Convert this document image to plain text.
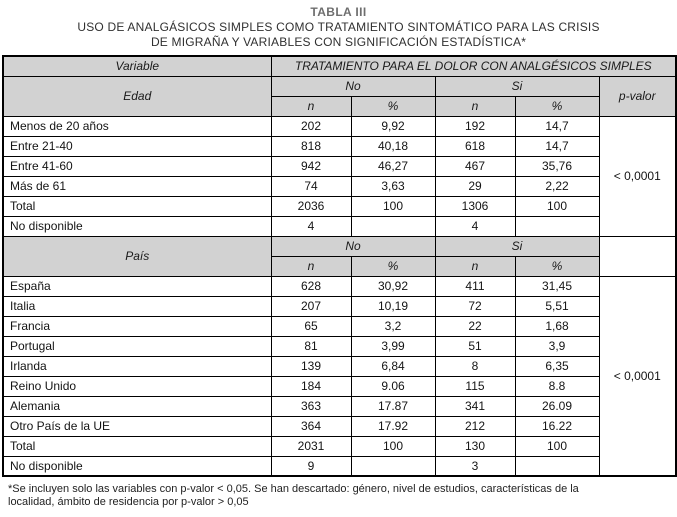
TABLA III
USO DE ANALGÁSICOS SIMPLES COMO TRATAMIENTO SINTOMÁTICO PARA LAS CRISIS
DE MIGRAÑA Y VARIABLES CON SIGNIFICACIÓN ESTADÍSTICA*
Variable	TRATAMIENTO PARA EL DOLOR CON ANALGÉSICOS SIMPLES				
Edad	No		Si		p-valor
	n	%	n	%	
Menos de 20 años	202	9,92	192	14,7	< 0,0001
Entre 21-40	818	40,18	618	14,7	
Entre 41-60	942	46,27	467	35,76	
Más de 61	74	3,63	29	2,22	
Total	2036	100	1306	100	
No disponible	4		4		
País	No		Si		
	n	%	n	%	
España	628	30,92	411	31,45	< 0,0001
Italia	207	10,19	72	5,51	
Francia	65	3,2	22	1,68	
Portugal	81	3,99	51	3,9	
Irlanda	139	6,84	8	6,35	
Reino Unido	184	9.06	115	8.8	
Alemania	363	17.87	341	26.09	
Otro País de la UE	364	17.92	212	16.22	
Total	2031	100	130	100	
No disponible	9		3		
*Se incluyen solo las variables con p-valor < 0,05. Se han descartado: género, nivel de estudios, características de la
localidad, ámbito de residencia por p-valor > 0,05
